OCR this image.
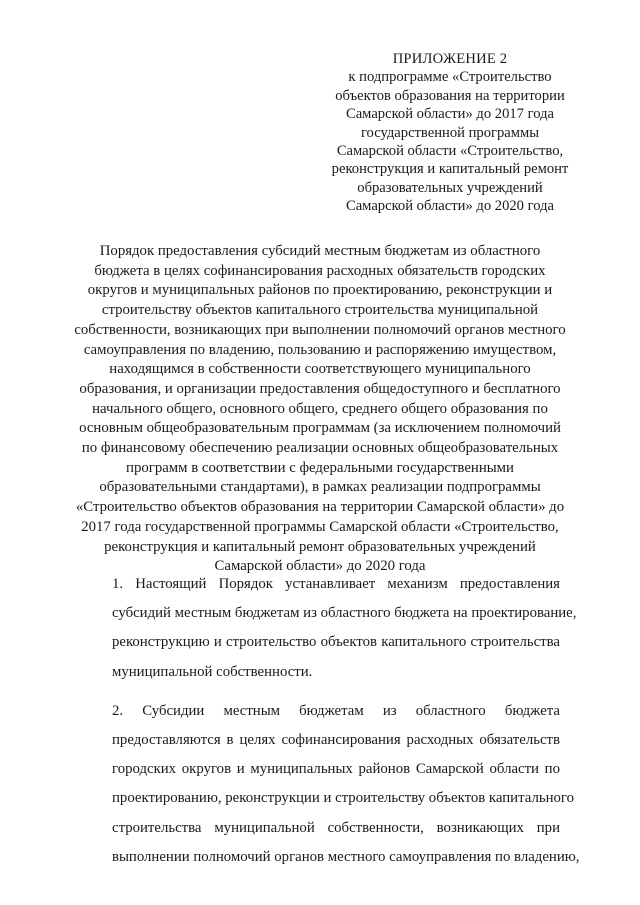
ПРИЛОЖЕНИЕ 2
к подпрограмме «Строительство
объектов образования на территории
Самарской области» до 2017 года
государственной программы
Самарской области «Строительство,
реконструкция и капитальный ремонт
образовательных учреждений
Самарской области» до 2020 года
Порядок предоставления субсидий местным бюджетам из областного
бюджета в целях софинансирования расходных обязательств городских
округов и муниципальных районов по проектированию, реконструкции и
строительству объектов капитального строительства муниципальной
собственности, возникающих при выполнении полномочий органов местного
самоуправления по владению, пользованию и распоряжению имуществом,
находящимся в собственности соответствующего муниципального
образования, и организации предоставления общедоступного и бесплатного
начального общего, основного общего, среднего общего образования по
основным общеобразовательным программам (за исключением полномочий
по финансовому обеспечению реализации основных общеобразовательных
программ в соответствии с федеральными государственными
образовательными стандартами), в рамках реализации подпрограммы
«Строительство объектов образования на территории Самарской области» до
2017 года государственной программы Самарской области «Строительство,
реконструкция и капитальный ремонт образовательных учреждений
Самарской области» до 2020 года
1. Настоящий Порядок устанавливает механизм предоставления
субсидий местным бюджетам из областного бюджета на проектирование,
реконструкцию и строительство объектов капитального строительства
муниципальной собственности.
2. Субсидии местным бюджетам из областного бюджета
предоставляются в целях софинансирования расходных обязательств
городских округов и муниципальных районов Самарской области по
проектированию, реконструкции и строительству объектов капитального
строительства муниципальной собственности, возникающих при
выполнении полномочий органов местного самоуправления по владению,
